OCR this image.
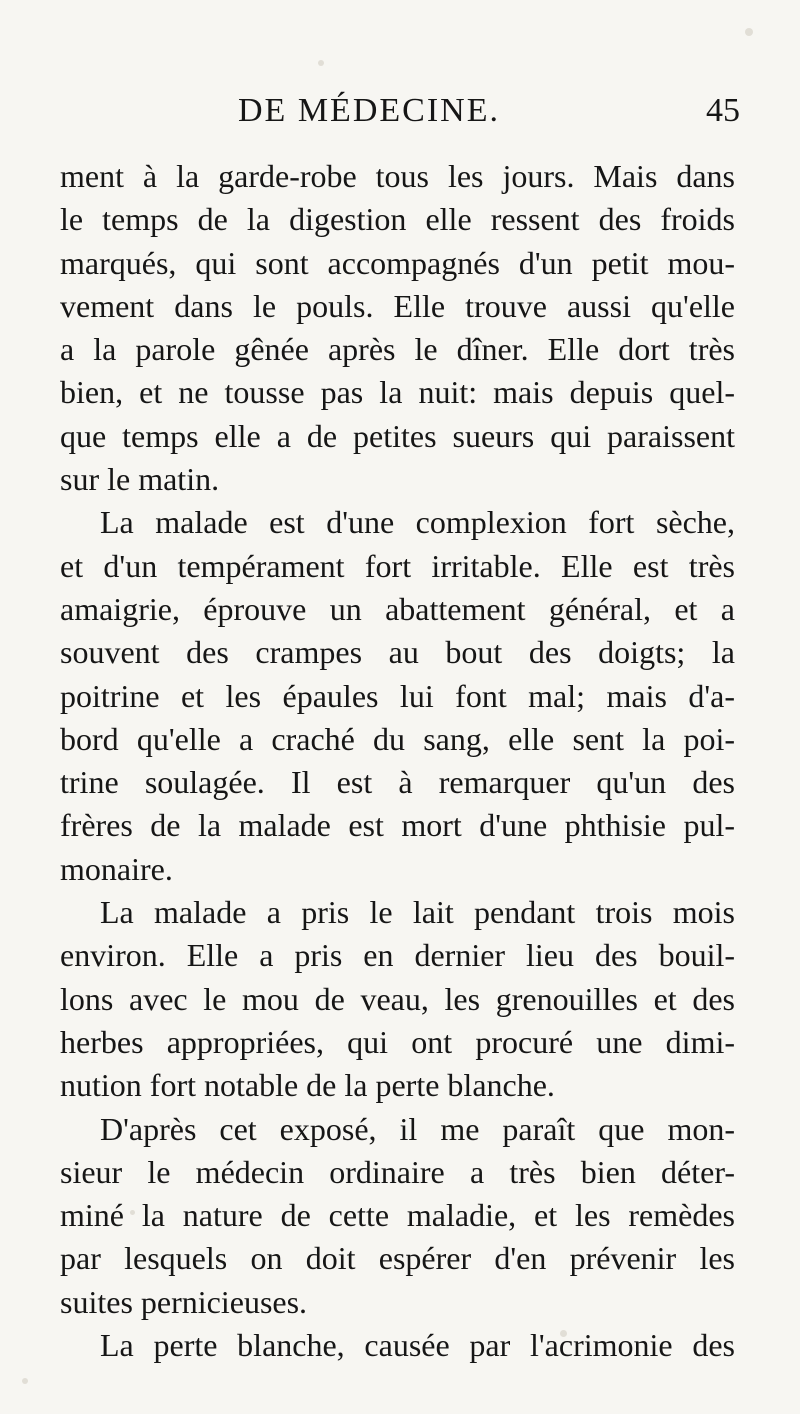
DE MÉDECINE.	45

ment à la garde-robe tous les jours. Mais dans
le temps de la digestion elle ressent des froids
marqués, qui sont accompagnés d'un petit mou-
vement dans le pouls. Elle trouve aussi qu'elle
a la parole gênée après le dîner. Elle dort très
bien, et ne tousse pas la nuit: mais depuis quel-
que temps elle a de petites sueurs qui paraissent
sur le matin.
La malade est d'une complexion fort sèche,
et d'un tempérament fort irritable. Elle est très
amaigrie, éprouve un abattement général, et a
souvent des crampes au bout des doigts; la
poitrine et les épaules lui font mal; mais d'a-
bord qu'elle a craché du sang, elle sent la poi-
trine soulagée. Il est à remarquer qu'un des
frères de la malade est mort d'une phthisie pul-
monaire.
La malade a pris le lait pendant trois mois
environ. Elle a pris en dernier lieu des bouil-
lons avec le mou de veau, les grenouilles et des
herbes appropriées, qui ont procuré une dimi-
nution fort notable de la perte blanche.
D'après cet exposé, il me paraît que mon-
sieur le médecin ordinaire a très bien déter-
miné la nature de cette maladie, et les remèdes
par lesquels on doit espérer d'en prévenir les
suites pernicieuses.
La perte blanche, causée par l'acrimonie des
